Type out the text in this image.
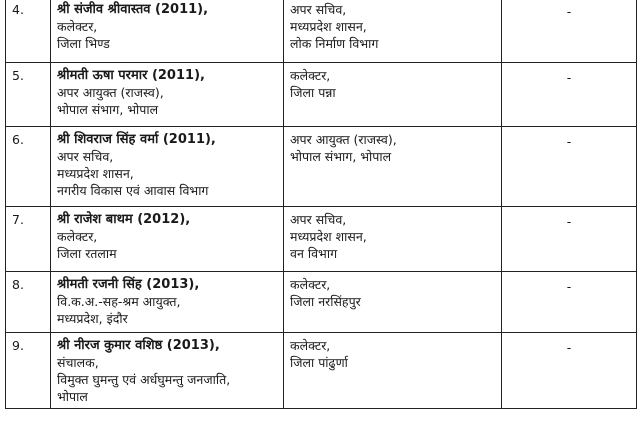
4.	श्री संजीव श्रीवास्तव (2011),
कलेक्टर,
जिला भिण्ड	अपर सचिव,
मध्यप्रदेश शासन,
लोक निर्माण विभाग	-
5.	श्रीमती ऊषा परमार (2011),
अपर आयुक्त (राजस्व),
भोपाल संभाग, भोपाल	कलेक्टर,
जिला पन्ना	-
6.	श्री शिवराज सिंह वर्मा (2011),
अपर सचिव,
मध्यप्रदेश शासन,
नगरीय विकास एवं आवास विभाग	अपर आयुक्त (राजस्व),
भोपाल संभाग, भोपाल	-
7.	श्री राजेश बाथम (2012),
कलेक्टर,
जिला रतलाम	अपर सचिव,
मध्यप्रदेश शासन,
वन विभाग	-
8.	श्रीमती रजनी सिंह (2013),
वि.क.अ.-सह-श्रम आयुक्त,
मध्यप्रदेश, इंदौर	कलेक्टर,
जिला नरसिंहपुर	-
9.	श्री नीरज कुमार वशिष्ठ (2013),
संचालक,
विमुक्त घुमन्तु एवं अर्धघुमन्तु जनजाति,
भोपाल	कलेक्टर,
जिला पांढुर्णा	-
